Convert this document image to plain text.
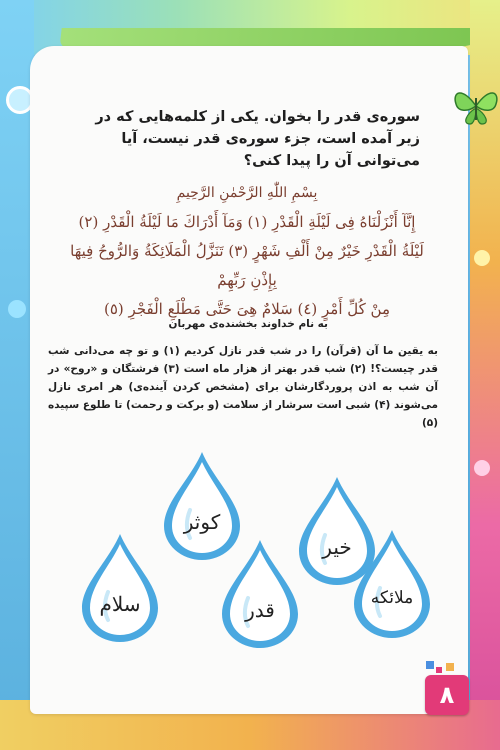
سوره‌ی قدر را بخوان. یکی از کلمه‌هایی که در زیر آمده است، جزء سوره‌ی قدر نیست، آیا می‌توانی آن را پیدا کنی؟
بِسْمِ اللّٰهِ الرَّحْمٰنِ الرَّحِيمِ
إِنَّآ أَنْزَلْنَاهُ فِى لَيْلَةِ الْقَدْرِ (١) وَمَآ أَدْرَاكَ مَا لَيْلَةُ الْقَدْرِ (٢)
لَيْلَةُ الْقَدْرِ خَيْرٌ مِنْ أَلْفِ شَهْرٍ (٣) تَنَزَّلُ الْمَلَائِكَةُ وَالرُّوحُ فِيهَا بِإِذْنِ رَبِّهِمْ
مِنْ كُلِّ أَمْرٍ (٤) سَلامٌ هِىَ حَتَّى مَطْلَعِ الْفَجْرِ (٥)
به نام خداوند بخشنده‌ی مهربان
به یقین ما آن (قرآن) را در شب قدر نازل کردیم (۱) و تو چه می‌دانی شب قدر چیست؟! (۲) شب قدر بهتر از هزار ماه است (۳) فرشتگان و «روح» در آن شب به اذن پروردگارشان برای (مشخص کردن آینده‌ی) هر امری نازل می‌شوند (۴) شبی است سرشار از سلامت (و برکت و رحمت) تا طلوع سپیده (۵)
خیر
کوثر
ملائکه
قدر
سلام
۸
